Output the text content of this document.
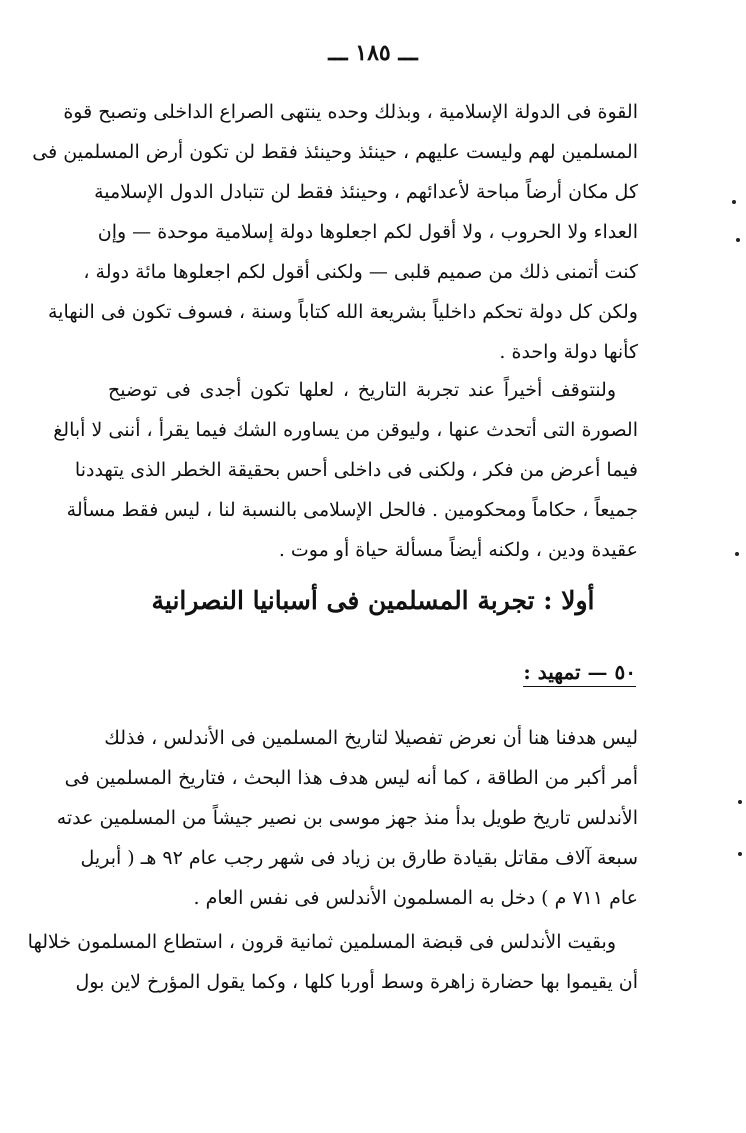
ـــ ١٨٥ ـــ
القوة فى الدولة الإسلامية ، وبذلك وحده ينتهى الصراع الداخلى وتصبح قوة
المسلمين لهم وليست عليهم ، حينئذ وحينئذ فقط لن تكون أرض المسلمين فى
كل مكان أرضاً مباحة لأعدائهم ، وحينئذ فقط لن تتبادل الدول الإسلامية
العداء ولا الحروب ، ولا أقول لكم اجعلوها دولة إسلامية موحدة — وإن
كنت أتمنى ذلك من صميم قلبى — ولكنى أقول لكم اجعلوها مائة دولة ،
ولكن كل دولة تحكم داخلياً بشريعة الله كتاباً وسنة ، فسوف تكون فى النهاية
كأنها دولة واحدة .
ولنتوقف أخيراً عند تجربة التاريخ ، لعلها تكون أجدى فى توضيح
الصورة التى أتحدث عنها ، وليوقن من يساوره الشك فيما يقرأ ، أننى لا أبالغ
فيما أعرض من فكر ، ولكنى فى داخلى أحس بحقيقة الخطر الذى يتهددنا
جميعاً ، حكاماً ومحكومين . فالحل الإسلامى بالنسبة لنا ، ليس فقط مسألة
عقيدة ودين ، ولكنه أيضاً مسألة حياة أو موت .
أولا : تجربة المسلمين فى أسبانيا النصرانية
٥٠ — تمهيد :
ليس هدفنا هنا أن نعرض تفصيلا لتاريخ المسلمين فى الأندلس ، فذلك
أمر أكبر من الطاقة ، كما أنه ليس هدف هذا البحث ، فتاريخ المسلمين فى
الأندلس تاريخ طويل بدأ منذ جهز موسى بن نصير جيشاً من المسلمين عدته
سبعة آلاف مقاتل بقيادة طارق بن زياد فى شهر رجب عام ٩٢ هـ ( أبريل
عام ٧١١ م ) دخل به المسلمون الأندلس فى نفس العام .
وبقيت الأندلس فى قبضة المسلمين ثمانية قرون ، استطاع المسلمون خلالها
أن يقيموا بها حضارة زاهرة وسط أوربا كلها ، وكما يقول المؤرخ لاين بول
